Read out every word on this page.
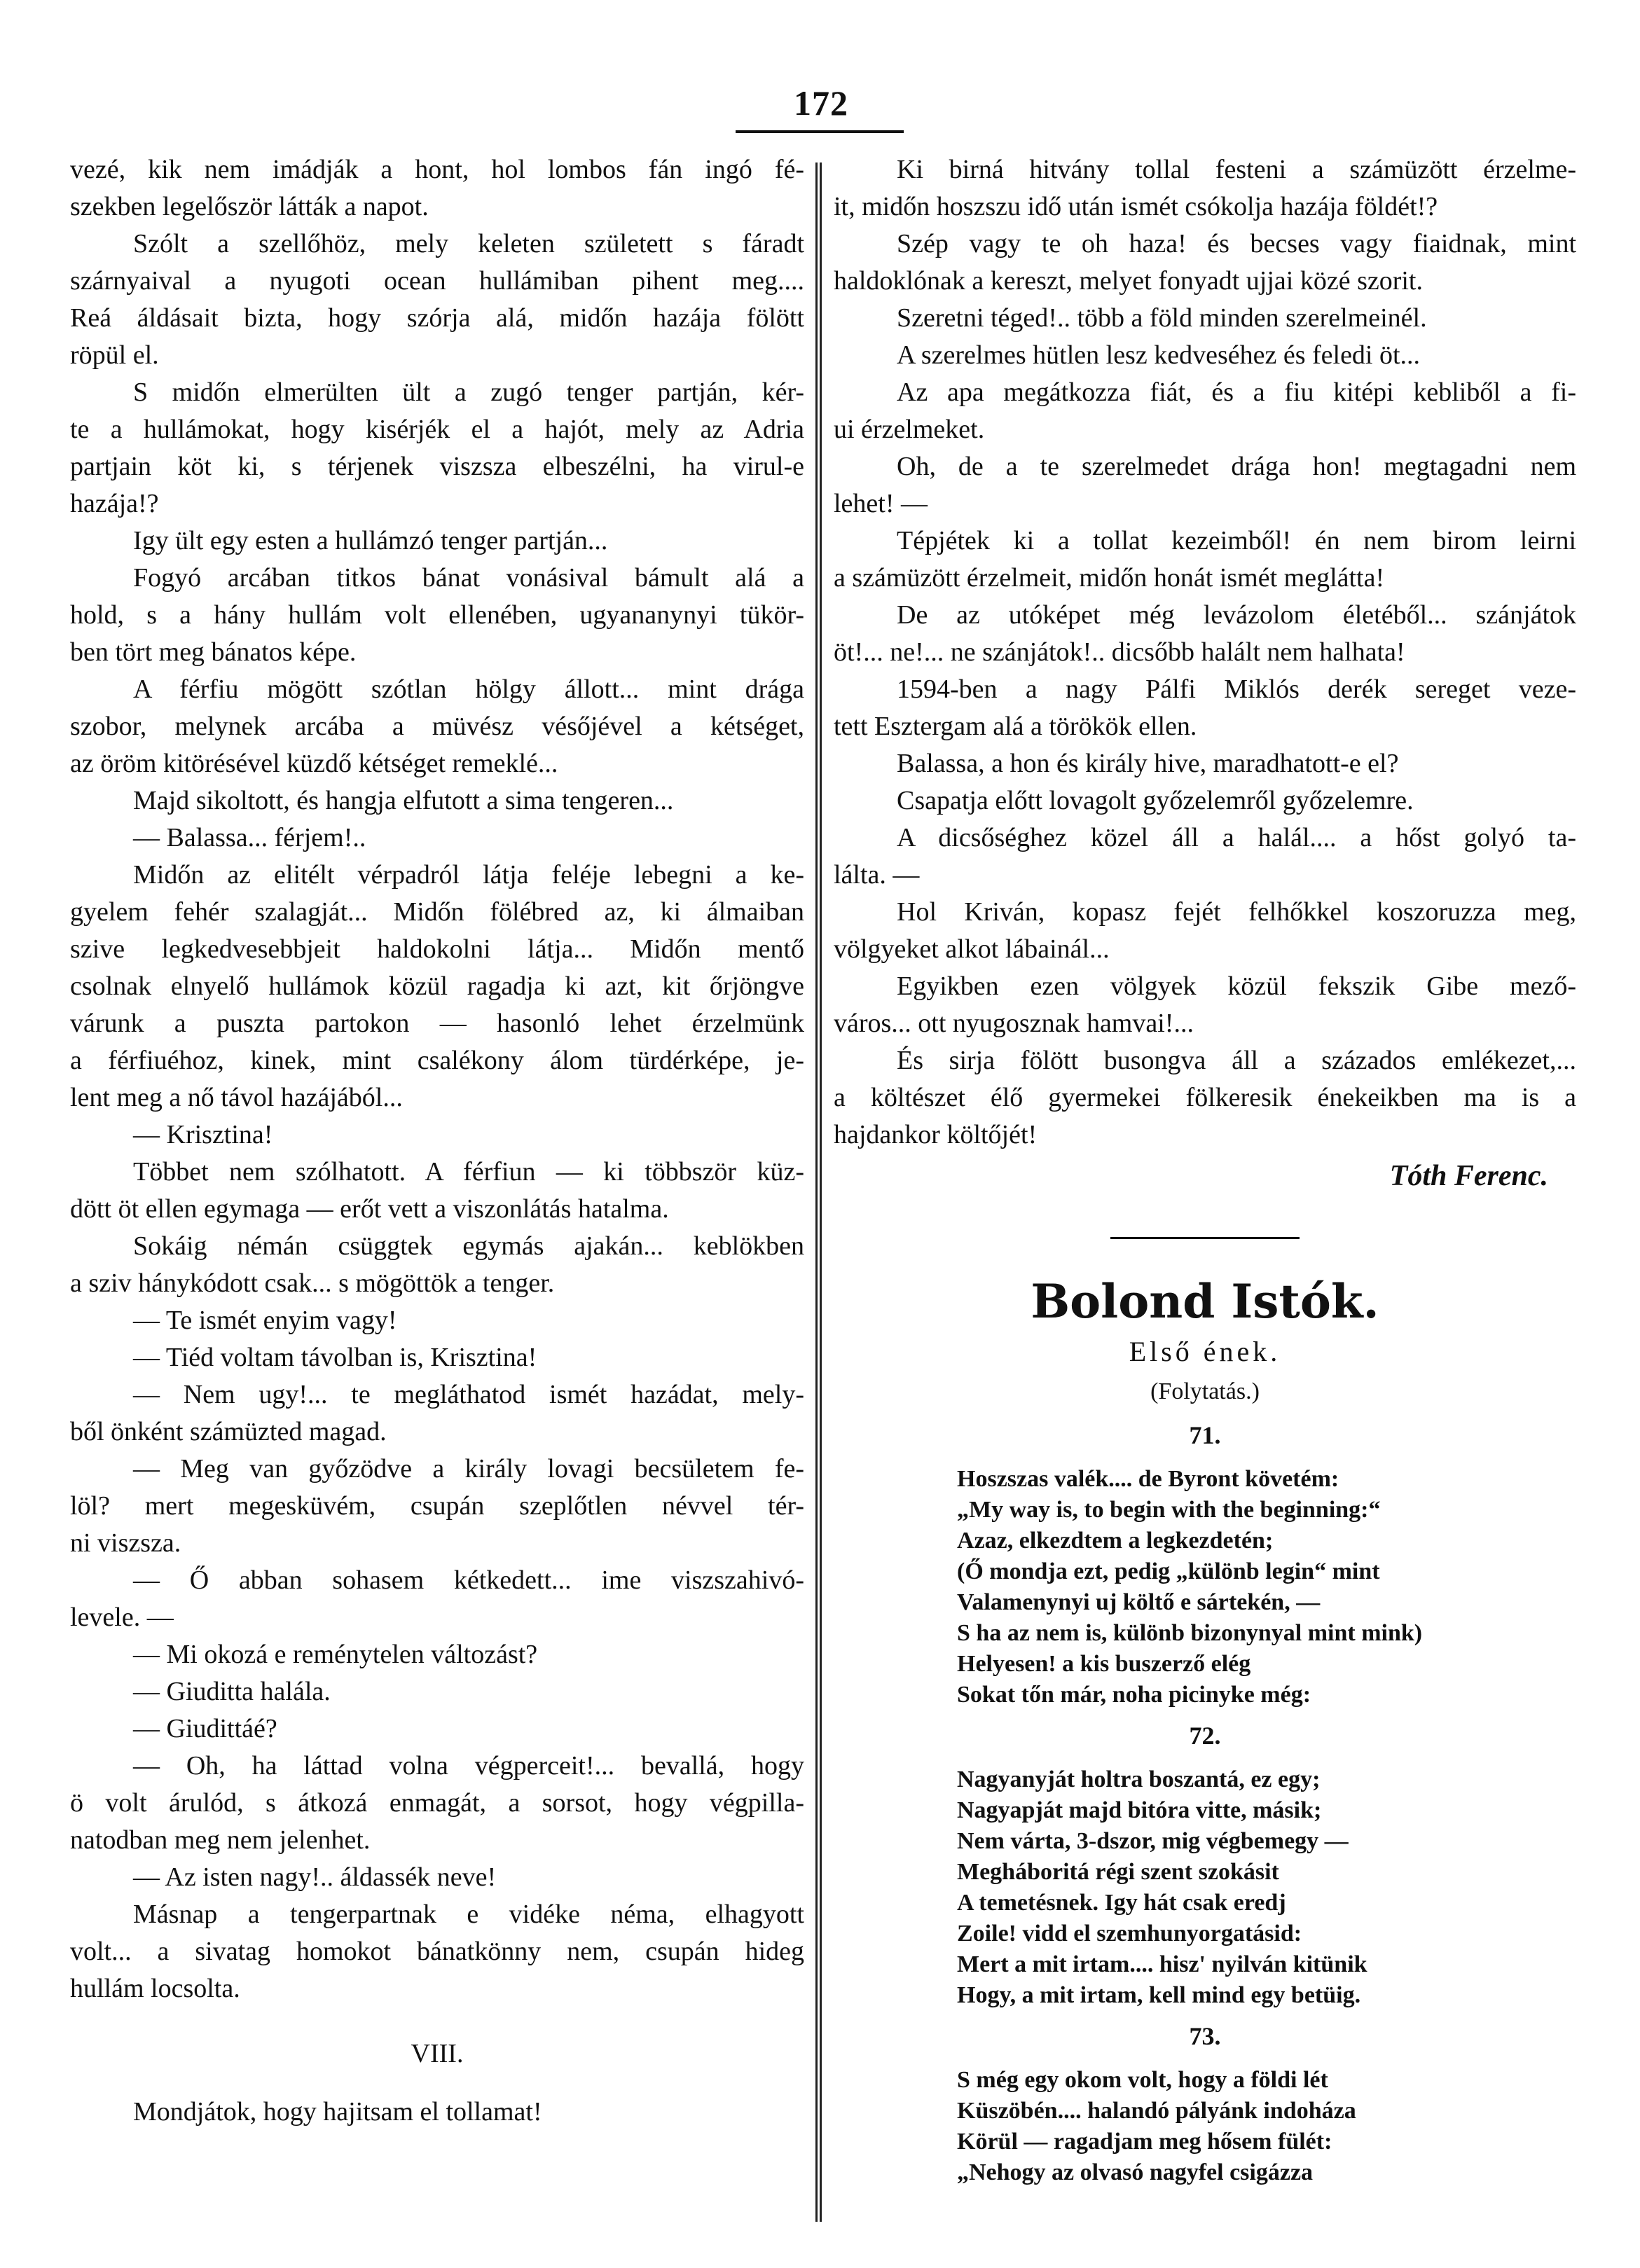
172
vezé, kik nem imádják a hont, hol lombos fán ingó fé-
szekben legelőször látták a napot.
Szólt a szellőhöz, mely keleten született s fáradt
szárnyaival a nyugoti ocean hullámiban pihent meg....
Reá áldásait bizta, hogy szórja alá, midőn hazája fölött
röpül el.
S midőn elmerülten ült a zugó tenger partján, kér-
te a hullámokat, hogy kisérjék el a hajót, mely az Adria
partjain köt ki, s térjenek viszsza elbeszélni, ha virul-e
hazája!?
Igy ült egy esten a hullámzó tenger partján...
Fogyó arcában titkos bánat vonásival bámult alá a
hold, s a hány hullám volt ellenében, ugyananynyi tükör-
ben tört meg bánatos képe.
A férfiu mögött szótlan hölgy állott... mint drága
szobor, melynek arcába a müvész vésőjével a kétséget,
az öröm kitörésével küzdő kétséget remeklé...
Majd sikoltott, és hangja elfutott a sima tengeren...
— Balassa... férjem!..
Midőn az elitélt vérpadról látja feléje lebegni a ke-
gyelem fehér szalagját... Midőn fölébred az, ki álmaiban
szive legkedvesebbjeit haldokolni látja... Midőn mentő
csolnak elnyelő hullámok közül ragadja ki azt, kit őrjöngve
várunk a puszta partokon — hasonló lehet érzelmünk
a férfiuéhoz, kinek, mint csalékony álom türdérképe, je-
lent meg a nő távol hazájából...
— Krisztina!
Többet nem szólhatott. A férfiun — ki többször küz-
dött öt ellen egymaga — erőt vett a viszonlátás hatalma.
Sokáig némán csüggtek egymás ajakán... keblökben
a sziv hánykódott csak... s mögöttök a tenger.
— Te ismét enyim vagy!
— Tiéd voltam távolban is, Krisztina!
— Nem ugy!... te megláthatod ismét hazádat, mely-
ből önként számüzted magad.
— Meg van győzödve a király lovagi becsületem fe-
löl? mert megesküvém, csupán szeplőtlen névvel tér-
ni viszsza.
— Ő abban sohasem kétkedett... ime viszszahivó-
levele. —
— Mi okozá e reménytelen változást?
— Giuditta halála.
— Giudittáé?
— Oh, ha láttad volna végperceit!... bevallá, hogy
ö volt árulód, s átkozá enmagát, a sorsot, hogy végpilla-
natodban meg nem jelenhet.
— Az isten nagy!.. áldassék neve!
Másnap a tengerpartnak e vidéke néma, elhagyott
volt... a sivatag homokot bánatkönny nem, csupán hideg
hullám locsolta.
VIII.
Mondjátok, hogy hajitsam el tollamat!
Ki birná hitvány tollal festeni a számüzött érzelme-
it, midőn hoszszu idő után ismét csókolja hazája földét!?
Szép vagy te oh haza! és becses vagy fiaidnak, mint
haldoklónak a kereszt, melyet fonyadt ujjai közé szorit.
Szeretni téged!.. több a föld minden szerelmeinél.
A szerelmes hütlen lesz kedveséhez és feledi öt...
Az apa megátkozza fiát, és a fiu kitépi kebliből a fi-
ui érzelmeket.
Oh, de a te szerelmedet drága hon! megtagadni nem
lehet! —
Tépjétek ki a tollat kezeimből! én nem birom leirni
a számüzött érzelmeit, midőn honát ismét meglátta!
De az utóképet még levázolom életéből... szánjátok
öt!... ne!... ne szánjátok!.. dicsőbb halált nem halhata!
1594-ben a nagy Pálfi Miklós derék sereget veze-
tett Esztergam alá a törökök ellen.
Balassa, a hon és király hive, maradhatott-e el?
Csapatja előtt lovagolt győzelemről győzelemre.
A dicsőséghez közel áll a halál.... a hőst golyó ta-
lálta. —
Hol Kriván, kopasz fejét felhőkkel koszoruzza meg,
völgyeket alkot lábainál...
Egyikben ezen völgyek közül fekszik Gibe mező-
város... ott nyugosznak hamvai!...
És sirja fölött busongva áll a százados emlékezet,...
a költészet élő gyermekei fölkeresik énekeikben ma is a
hajdankor költőjét!
Tóth Ferenc.
Bolond Istók.
Első ének.
(Folytatás.)
71.
Hoszszas valék.... de Byront követém:
„My way is, to begin with the beginning:“
Azaz, elkezdtem a legkezdetén;
(Ő mondja ezt, pedig „különb legin“ mint
Valamenynyi uj költő e sártekén, —
S ha az nem is, különb bizonynyal mint mink)
Helyesen! a kis buszerző elég
Sokat tőn már, noha picinyke még:
72.
Nagyanyját holtra boszantá, ez egy;
Nagyapját majd bitóra vitte, másik;
Nem várta, 3-dszor, mig végbemegy —
Megháboritá régi szent szokásit
A temetésnek. Igy hát csak eredj
Zoile! vidd el szemhunyorgatásid:
Mert a mit irtam.... hisz' nyilván kitünik
Hogy, a mit irtam, kell mind egy betüig.
73.
S még egy okom volt, hogy a földi lét
Küszöbén.... halandó pályánk indoháza
Körül — ragadjam meg hősem fülét:
„Nehogy az olvasó nagyfel csigázza
